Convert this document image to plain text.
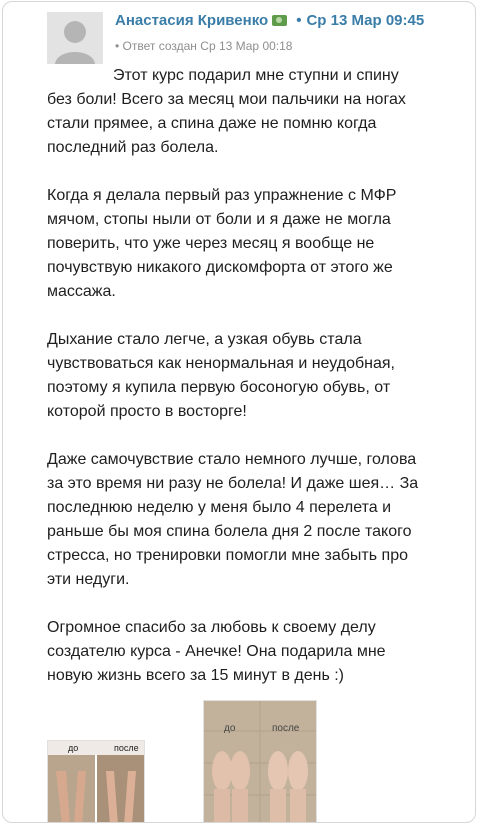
Анастасия Кривенко • Ср 13 Мар 09:45
• Ответ создан Ср 13 Мар 00:18

Этот курс подарил мне ступни и спину без боли! Всего за месяц мои пальчики на ногах стали прямее, а спина даже не помню когда последний раз болела.

Когда я делала первый раз упражнение с МФР мячом, стопы ныли от боли и я даже не могла поверить, что уже через месяц я вообще не почувствую никакого дискомфорта от этого же массажа.

Дыхание стало легче, а узкая обувь стала чувствоваться как ненормальная и неудобная, поэтому я купила первую босоногую обувь, от которой просто в восторге!

Даже самочувствие стало немного лучше, голова за это время ни разу не болела! И даже шея… За последнюю неделю у меня было 4 перелета и раньше бы моя спина болела дня 2 после такого стресса, но тренировки помогли мне забыть про эти недуги.

Огромное спасибо за любовь к своему делу создателю курса - Анечке! Она подарила мне новую жизнь всего за 15 минут в день :)

до	после
до	после
